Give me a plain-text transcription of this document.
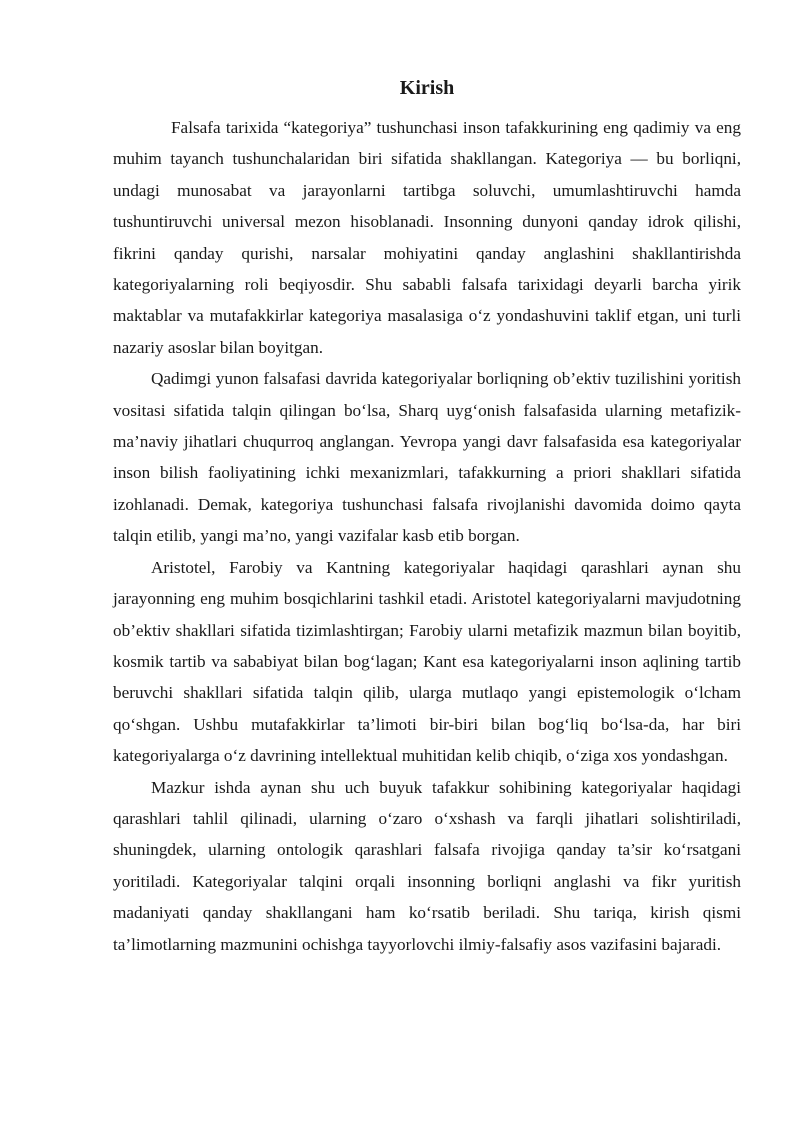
Kirish

Falsafa tarixida “kategoriya” tushunchasi inson tafakkurining eng qadimiy va eng muhim tayanch tushunchalaridan biri sifatida shakllangan. Kategoriya — bu borliqni, undagi munosabat va jarayonlarni tartibga soluvchi, umumlashtiruvchi hamda tushuntiruvchi universal mezon hisoblanadi. Insonning dunyoni qanday idrok qilishi, fikrini qanday qurishi, narsalar mohiyatini qanday anglashini shakllantirishda kategoriyalarning roli beqiyosdir. Shu sababli falsafa tarixidagi deyarli barcha yirik maktablar va mutafakkirlar kategoriya masalasiga o‘z yondashuvini taklif etgan, uni turli nazariy asoslar bilan boyitgan.

Qadimgi yunon falsafasi davrida kategoriyalar borliqning ob’ektiv tuzilishini yoritish vositasi sifatida talqin qilingan bo‘lsa, Sharq uyg‘onish falsafasida ularning metafizik-ma’naviy jihatlari chuqurroq anglangan. Yevropa yangi davr falsafasida esa kategoriyalar inson bilish faoliyatining ichki mexanizmlari, tafakkurning a priori shakllari sifatida izohlanadi. Demak, kategoriya tushunchasi falsafa rivojlanishi davomida doimo qayta talqin etilib, yangi ma’no, yangi vazifalar kasb etib borgan.

Aristotel, Farobiy va Kantning kategoriyalar haqidagi qarashlari aynan shu jarayonning eng muhim bosqichlarini tashkil etadi. Aristotel kategoriyalarni mavjudotning ob’ektiv shakllari sifatida tizimlashtirgan; Farobiy ularni metafizik mazmun bilan boyitib, kosmik tartib va sababiyat bilan bog‘lagan; Kant esa kategoriyalarni inson aqlining tartib beruvchi shakllari sifatida talqin qilib, ularga mutlaqo yangi epistemologik o‘lcham qo‘shgan. Ushbu mutafakkirlar ta’limoti bir-biri bilan bog‘liq bo‘lsa-da, har biri kategoriyalarga o‘z davrining intellektual muhitidan kelib chiqib, o‘ziga xos yondashgan.

Mazkur ishda aynan shu uch buyuk tafakkur sohibining kategoriyalar haqidagi qarashlari tahlil qilinadi, ularning o‘zaro o‘xshash va farqli jihatlari solishtiriladi, shuningdek, ularning ontologik qarashlari falsafa rivojiga qanday ta’sir ko‘rsatgani yoritiladi. Kategoriyalar talqini orqali insonning borliqni anglashi va fikr yuritish madaniyati qanday shakllangani ham ko‘rsatib beriladi. Shu tariqa, kirish qismi ta’limotlarning mazmunini ochishga tayyorlovchi ilmiy-falsafiy asos vazifasini bajaradi.
